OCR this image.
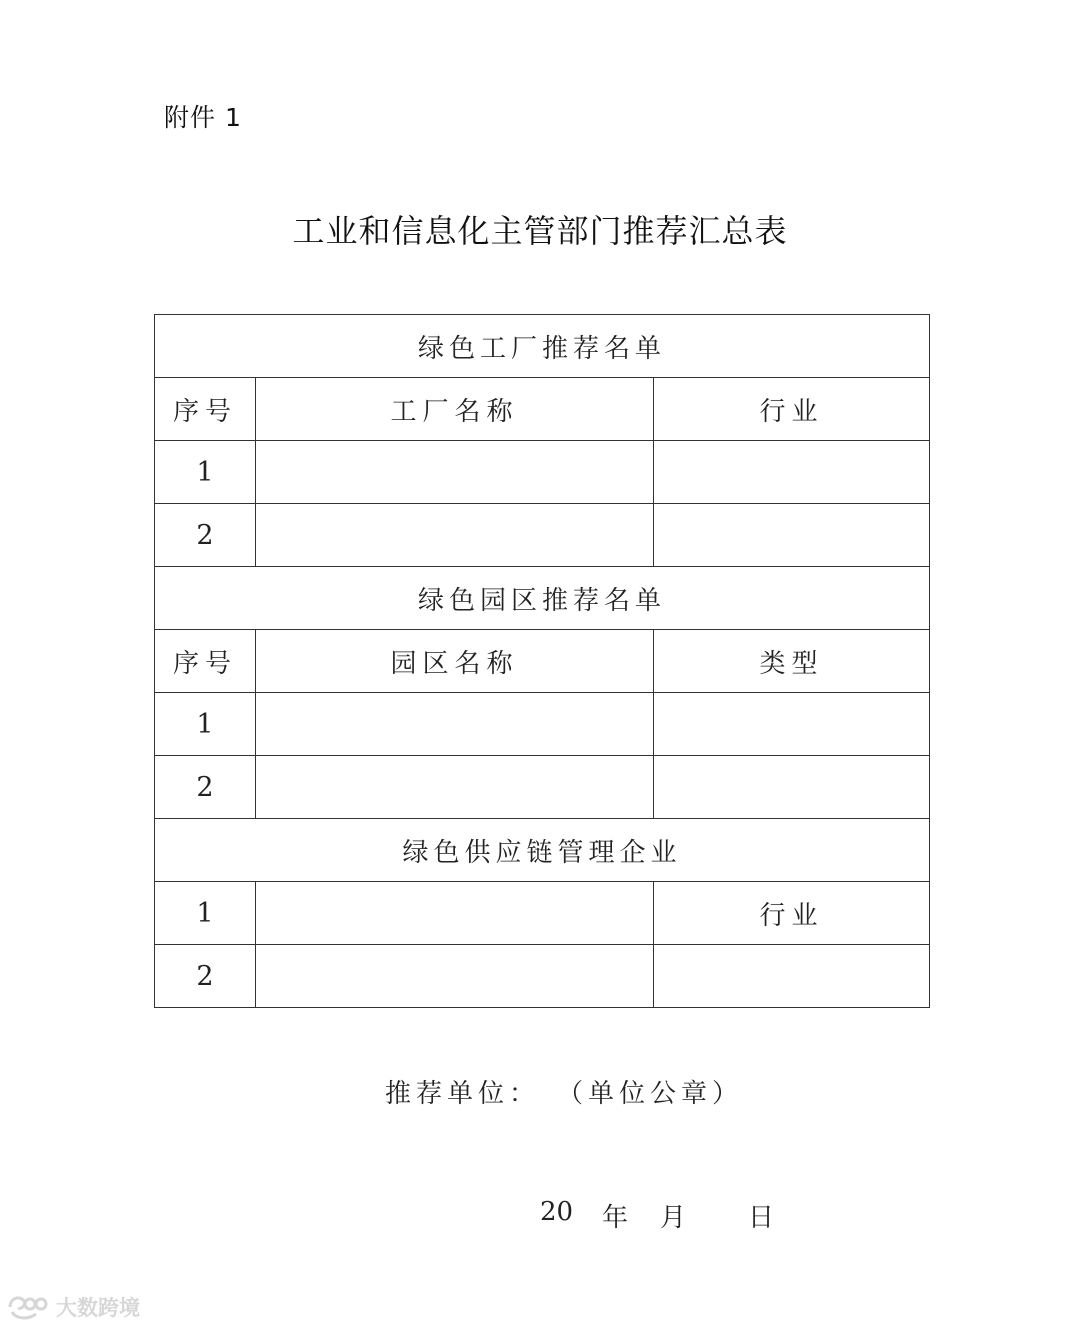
附件 1
工业和信息化主管部门推荐汇总表
绿色工厂推荐名单		
序号	工厂名称	行业
1		
2		
绿色园区推荐名单		
序号	园区名称	类型
1		
2		
绿色供应链管理企业		
1		行业
2		
推荐单位： （单位公章）
20 年 月 日
大数跨境
